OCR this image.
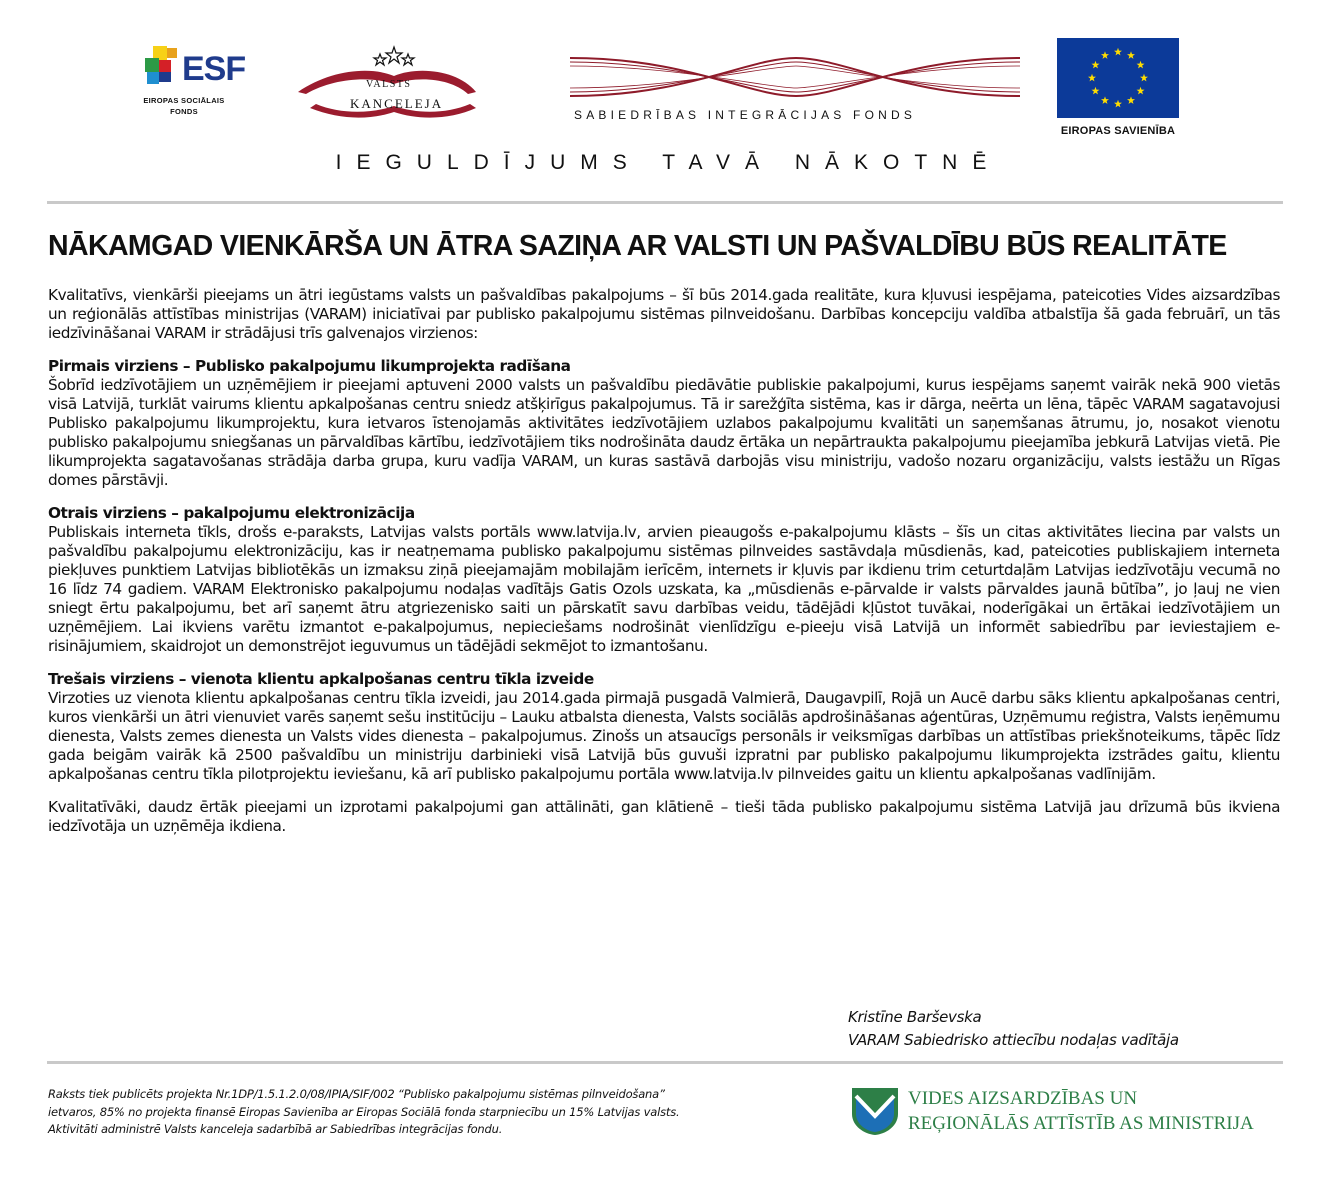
ESF
EIROPAS SOCIĀLAIS
FONDS
VALSTS
KANCELEJA
SABIEDRĪBAS INTEGRĀCIJAS FONDS
EIROPAS SAVIENĪBA
IEGULDĪJUMS TAVĀ NĀKOTNĒ
NĀKAMGAD VIENKĀRŠA UN ĀTRA SAZIŅA AR VALSTI UN PAŠVALDĪBU BŪS REALITĀTE

Kvalitatīvs, vienkārši pieejams un ātri iegūstams valsts un pašvaldības pakalpojums – šī būs 2014.gada realitāte, kura kļuvusi iespējama, pateicoties Vides aizsardzības un reģionālās attīstības ministrijas (VARAM) iniciatīvai par publisko pakalpojumu sistēmas pilnveidošanu. Darbības koncepciju valdība atbalstīja šā gada februārī, un tās iedzīvināšanai VARAM ir strādājusi trīs galvenajos virzienos:

Pirmais virziens – Publisko pakalpojumu likumprojekta radīšana

Šobrīd iedzīvotājiem un uzņēmējiem ir pieejami aptuveni 2000 valsts un pašvaldību piedāvātie publiskie pakalpojumi, kurus iespējams saņemt vairāk nekā 900 vietās visā Latvijā, turklāt vairums klientu apkalpošanas centru sniedz atšķirīgus pakalpojumus. Tā ir sarežģīta sistēma, kas ir dārga, neērta un lēna, tāpēc VARAM sagatavojusi Publisko pakalpojumu likumprojektu, kura ietvaros īstenojamās aktivitātes iedzīvotājiem uzlabos pakalpojumu kvalitāti un saņemšanas ātrumu, jo, nosakot vienotu publisko pakalpojumu sniegšanas un pārvaldības kārtību, iedzīvotājiem tiks nodrošināta daudz ērtāka un nepārtraukta pakalpojumu pieejamība jebkurā Latvijas vietā. Pie likumprojekta sagatavošanas strādāja darba grupa, kuru vadīja VARAM, un kuras sastāvā darbojās visu ministriju, vadošo nozaru organizāciju, valsts iestāžu un Rīgas domes pārstāvji.

Otrais virziens – pakalpojumu elektronizācija

Publiskais interneta tīkls, drošs e-paraksts, Latvijas valsts portāls www.latvija.lv, arvien pieaugošs e-pakalpojumu klāsts – šīs un citas aktivitātes liecina par valsts un pašvaldību pakalpojumu elektronizāciju, kas ir neatņemama publisko pakalpojumu sistēmas pilnveides sastāvdaļa mūsdienās, kad, pateicoties publiskajiem interneta piekļuves punktiem Latvijas bibliotēkās un izmaksu ziņā pieejamajām mobilajām ierīcēm, internets ir kļuvis par ikdienu trim ceturtdaļām Latvijas iedzīvotāju vecumā no 16 līdz 74 gadiem. VARAM Elektronisko pakalpojumu nodaļas vadītājs Gatis Ozols uzskata, ka „mūsdienās e-pārvalde ir valsts pārvaldes jaunā būtība”, jo ļauj ne vien sniegt ērtu pakalpojumu, bet arī saņemt ātru atgriezenisko saiti un pārskatīt savu darbības veidu, tādējādi kļūstot tuvākai, noderīgākai un ērtākai iedzīvotājiem un uzņēmējiem. Lai ikviens varētu izmantot e-pakalpojumus, nepieciešams nodrošināt vienlīdzīgu e-pieeju visā Latvijā un informēt sabiedrību par ieviestajiem e-risinājumiem, skaidrojot un demonstrējot ieguvumus un tādējādi sekmējot to izmantošanu.

Trešais virziens – vienota klientu apkalpošanas centru tīkla izveide

Virzoties uz vienota klientu apkalpošanas centru tīkla izveidi, jau 2014.gada pirmajā pusgadā Valmierā, Daugavpilī, Rojā un Aucē darbu sāks klientu apkalpošanas centri, kuros vienkārši un ātri vienuviet varēs saņemt sešu institūciju – Lauku atbalsta dienesta, Valsts sociālās apdrošināšanas aģentūras, Uzņēmumu reģistra, Valsts ieņēmumu dienesta, Valsts zemes dienesta un Valsts vides dienesta – pakalpojumus. Zinošs un atsaucīgs personāls ir veiksmīgas darbības un attīstības priekšnoteikums, tāpēc līdz gada beigām vairāk kā 2500 pašvaldību un ministriju darbinieki visā Latvijā būs guvuši izpratni par publisko pakalpojumu likumprojekta izstrādes gaitu, klientu apkalpošanas centru tīkla pilotprojektu ieviešanu, kā arī publisko pakalpojumu portāla www.latvija.lv pilnveides gaitu un klientu apkalpošanas vadlīnijām.

Kvalitatīvāki, daudz ērtāk pieejami un izprotami pakalpojumi gan attālināti, gan klātienē – tieši tāda publisko pakalpojumu sistēma Latvijā jau drīzumā būs ikviena iedzīvotāja un uzņēmēja ikdiena.

Kristīne Barševska
VARAM Sabiedrisko attiecību nodaļas vadītāja
Raksts tiek publicēts projekta Nr.1DP/1.5.1.2.0/08/IPIA/SIF/002 “Publisko pakalpojumu sistēmas pilnveidošana”
ietvaros, 85% no projekta finansē Eiropas Savienība ar Eiropas Sociālā fonda starpniecību un 15% Latvijas valsts.
Aktivitāti administrē Valsts kanceleja sadarbībā ar Sabiedrības integrācijas fondu.
VIDES AIZSARDZĪBAS UN
REĢIONĀLĀS ATTĪSTĪB AS MINISTRIJA
